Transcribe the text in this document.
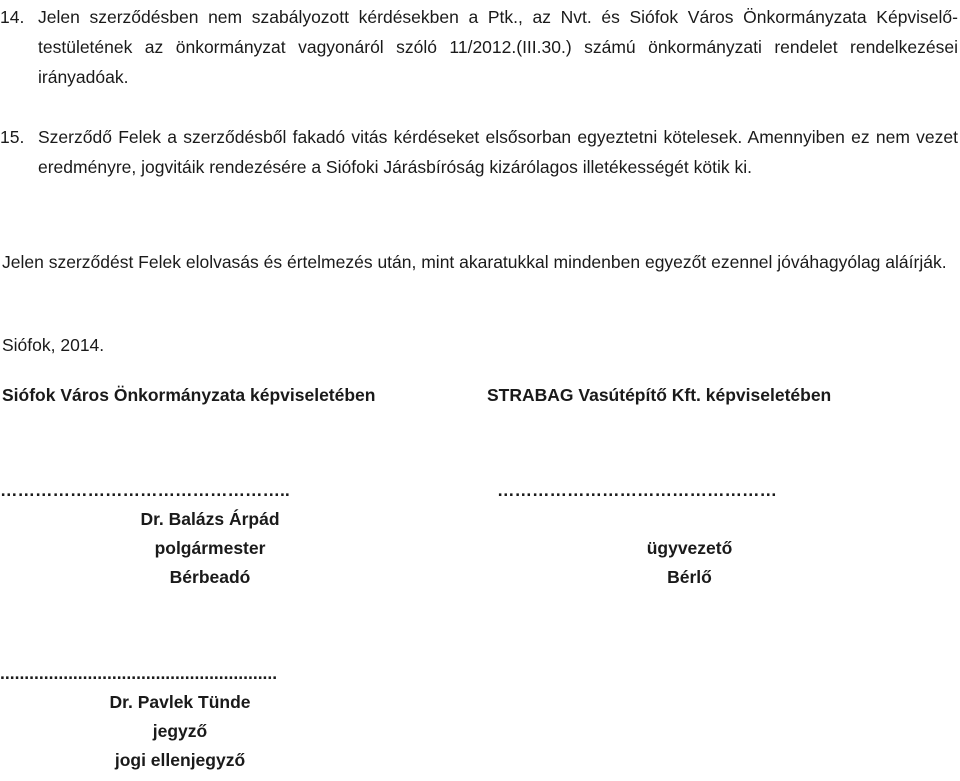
14. Jelen szerződésben nem szabályozott kérdésekben a Ptk., az Nvt. és Siófok Város Önkormányzata Képviselő-testületének az önkormányzat vagyonáról szóló 11/2012.(III.30.) számú önkormányzati rendelet rendelkezései irányadóak.

15. Szerződő Felek a szerződésből fakadó vitás kérdéseket elsősorban egyeztetni kötelesek. Amennyiben ez nem vezet eredményre, jogvitáik rendezésére a Siófoki Járásbíróság kizárólagos illetékességét kötik ki.

Jelen szerződést Felek elolvasás és értelmezés után, mint akaratukkal mindenben egyezőt ezennel jóváhagyólag aláírják.

Siófok, 2014.
Siófok Város Önkormányzata képviseletében	STRABAG Vasútépítő Kft. képviseletében
…………………………………………..
Dr. Balázs Árpád
polgármester
Bérbeadó
…………………………………………

ügyvezető
Bérlő
.........................................................
Dr. Pavlek Tünde
jegyző
jogi ellenjegyző
